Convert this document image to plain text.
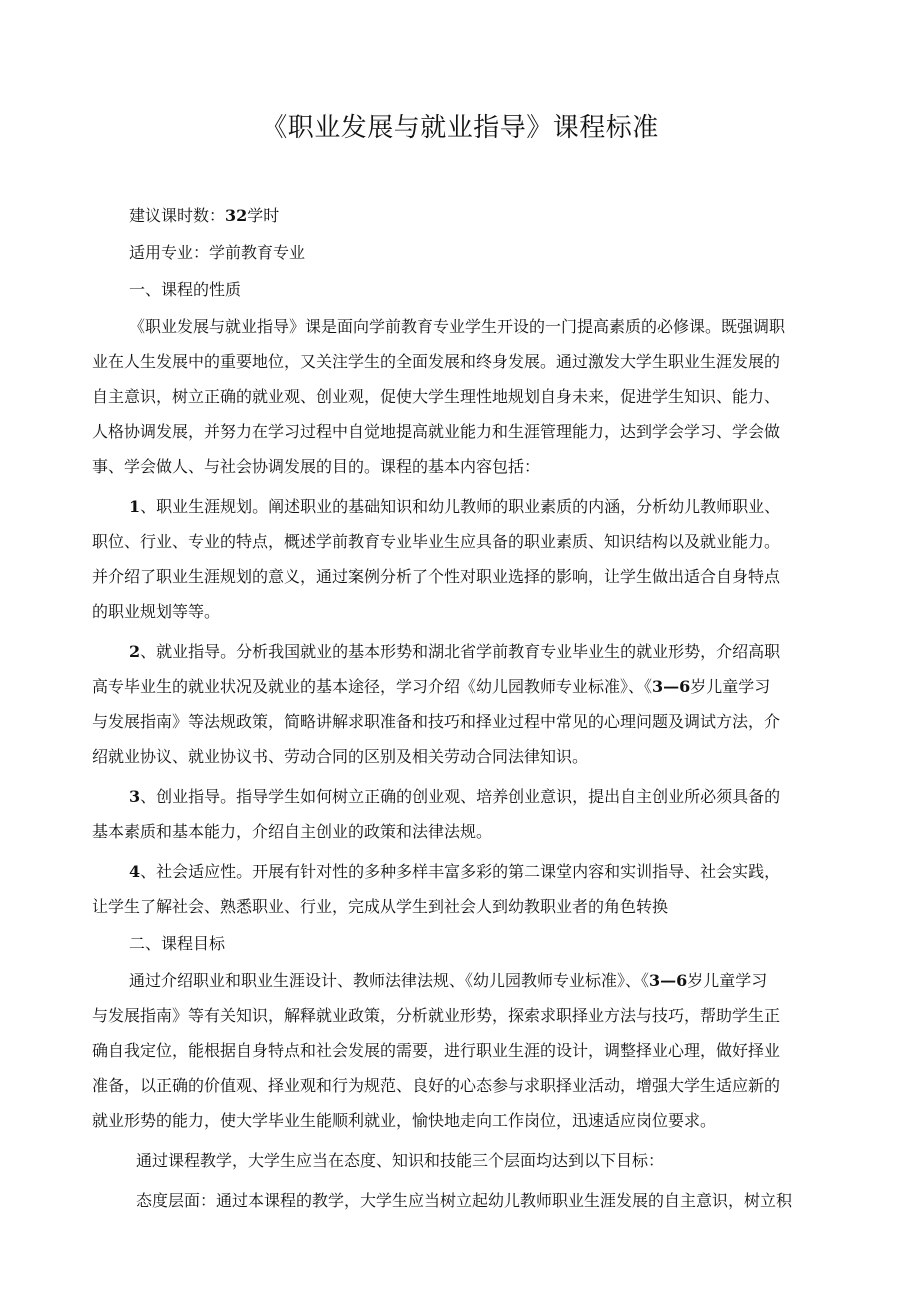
《职业发展与就业指导》课程标准
建议课时数：32学时
适用专业：学前教育专业
一、课程的性质
《职业发展与就业指导》课是面向学前教育专业学生开设的一门提高素质的必修课。既强调职
业在人生发展中的重要地位，又关注学生的全面发展和终身发展。通过激发大学生职业生涯发展的
自主意识，树立正确的就业观、创业观，促使大学生理性地规划自身未来，促进学生知识、能力、
人格协调发展，并努力在学习过程中自觉地提高就业能力和生涯管理能力，达到学会学习、学会做
事、学会做人、与社会协调发展的目的。课程的基本内容包括：
1、职业生涯规划。阐述职业的基础知识和幼儿教师的职业素质的内涵，分析幼儿教师职业、
职位、行业、专业的特点，概述学前教育专业毕业生应具备的职业素质、知识结构以及就业能力。
并介绍了职业生涯规划的意义，通过案例分析了个性对职业选择的影响，让学生做出适合自身特点
的职业规划等等。
2、就业指导。分析我国就业的基本形势和湖北省学前教育专业毕业生的就业形势，介绍高职
高专毕业生的就业状况及就业的基本途径，学习介绍《幼儿园教师专业标准》、《3—6岁儿童学习
与发展指南》等法规政策，简略讲解求职准备和技巧和择业过程中常见的心理问题及调试方法，介
绍就业协议、就业协议书、劳动合同的区别及相关劳动合同法律知识。
3、创业指导。指导学生如何树立正确的创业观、培养创业意识，提出自主创业所必须具备的
基本素质和基本能力，介绍自主创业的政策和法律法规。
4、社会适应性。开展有针对性的多种多样丰富多彩的第二课堂内容和实训指导、社会实践，
让学生了解社会、熟悉职业、行业，完成从学生到社会人到幼教职业者的角色转换
二、课程目标
通过介绍职业和职业生涯设计、教师法律法规、《幼儿园教师专业标准》、《3—6岁儿童学习
与发展指南》等有关知识，解释就业政策，分析就业形势，探索求职择业方法与技巧，帮助学生正
确自我定位，能根据自身特点和社会发展的需要，进行职业生涯的设计，调整择业心理，做好择业
准备，以正确的价值观、择业观和行为规范、良好的心态参与求职择业活动，增强大学生适应新的
就业形势的能力，使大学毕业生能顺利就业，愉快地走向工作岗位，迅速适应岗位要求。
通过课程教学，大学生应当在态度、知识和技能三个层面均达到以下目标：
态度层面：通过本课程的教学，大学生应当树立起幼儿教师职业生涯发展的自主意识，树立积
